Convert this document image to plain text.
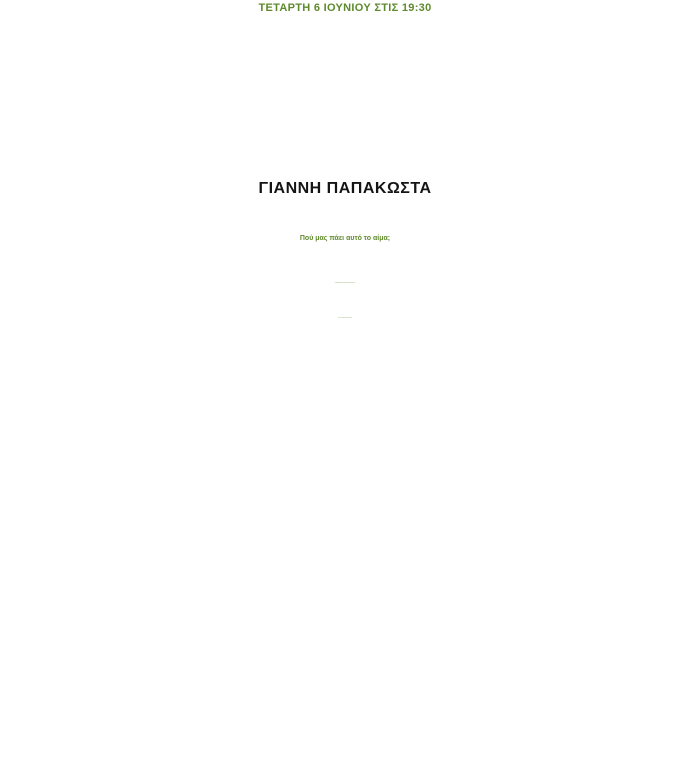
ΤΕΤΑΡΤΗ 6 ΙΟΥΝΙΟΥ ΣΤΙΣ 19:30
ΓΙΑΝΝΗ ΠΑΠΑΚΩΣΤΑ
Πού μας πάει αυτό το αίμα;
Αναπαραστάσεις αυτοδικίας και βιαιοτήτων
στη νέα ελληνική λογοτεχνία
